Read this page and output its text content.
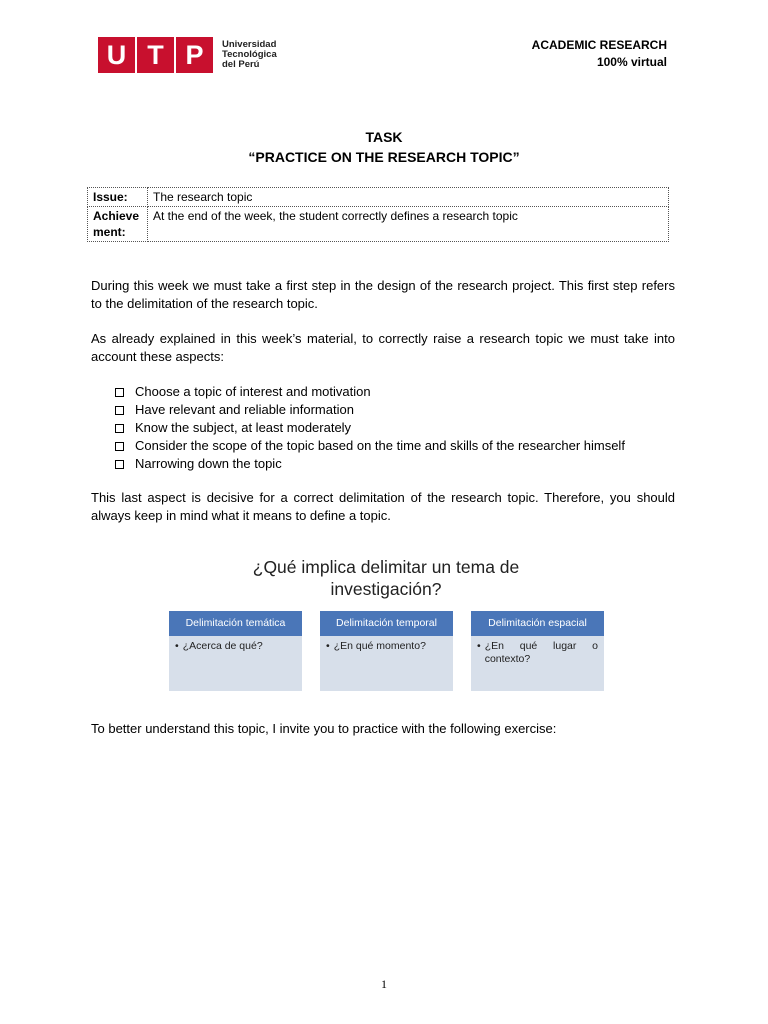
U T P	Universidad
Tecnológica
del Perú
ACADEMIC RESEARCH
100% virtual
TASK
“PRACTICE ON THE RESEARCH TOPIC”
Issue:	The research topic
Achieve ment:	At the end of the week, the student correctly defines a research topic
During this week we must take a first step in the design of the research project. This first step refers to the delimitation of the research topic.
As already explained in this week’s material, to correctly raise a research topic we must take into account these aspects:
Choose a topic of interest and motivation
Have relevant and reliable information
Know the subject, at least moderately
Consider the scope of the topic based on the time and skills of the researcher himself
Narrowing down the topic
This last aspect is decisive for a correct delimitation of the research topic. Therefore, you should always keep in mind what it means to define a topic.
¿Qué implica delimitar un tema de
investigación?
Delimitación temática
• ¿Acerca de qué?
Delimitación temporal
• ¿En qué momento?
Delimitación espacial
• ¿En qué lugar o contexto?
To better understand this topic, I invite you to practice with the following exercise:
1
